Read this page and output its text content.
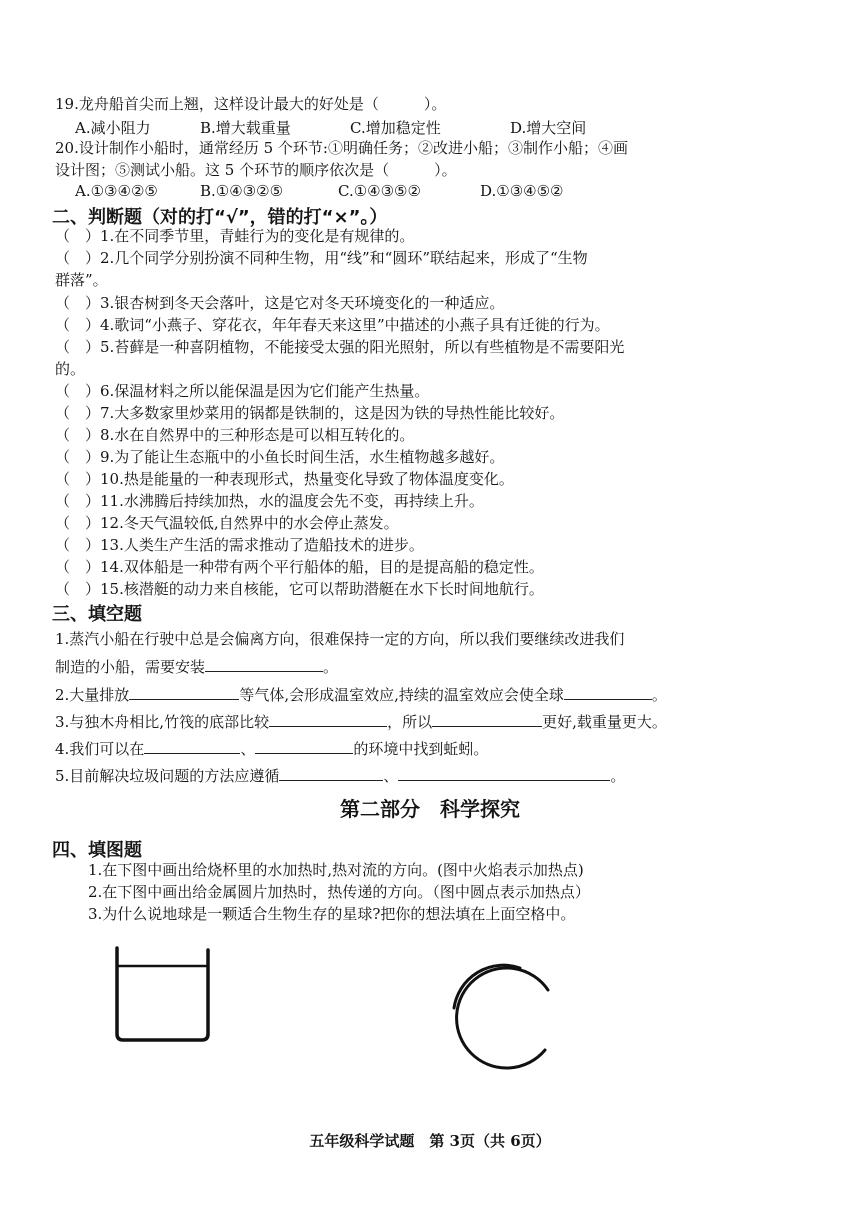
19.龙舟船首尖而上翘，这样设计最大的好处是（　　　）。
A.减小阻力	B.增大载重量	C.增加稳定性	D.增大空间
20.设计制作小船时，通常经历 5 个环节:①明确任务；②改进小船；③制作小船；④画
设计图；⑤测试小船。这 5 个环节的顺序依次是（　　　）。
A.①③④②⑤	B.①④③②⑤	C.①④③⑤②	D.①③④⑤②
二、判断题（对的打“√”，错的打“×”。）
（　）1.在不同季节里，青蛙行为的变化是有规律的。
（　）2.几个同学分别扮演不同种生物，用“线”和“圆环”联结起来，形成了“生物
群落”。
（　）3.银杏树到冬天会落叶，这是它对冬天环境变化的一种适应。
（　）4.歌词“小燕子、穿花衣，年年春天来这里”中描述的小燕子具有迁徙的行为。
（　）5.苔藓是一种喜阴植物，不能接受太强的阳光照射，所以有些植物是不需要阳光
的。
（　）6.保温材料之所以能保温是因为它们能产生热量。
（　）7.大多数家里炒菜用的锅都是铁制的，这是因为铁的导热性能比较好。
（　）8.水在自然界中的三种形态是可以相互转化的。
（　）9.为了能让生态瓶中的小鱼长时间生活，水生植物越多越好。
（　）10.热是能量的一种表现形式，热量变化导致了物体温度变化。
（　）11.水沸腾后持续加热，水的温度会先不变，再持续上升。
（　）12.冬天气温较低,自然界中的水会停止蒸发。
（　）13.人类生产生活的需求推动了造船技术的进步。
（　）14.双体船是一种带有两个平行船体的船，目的是提高船的稳定性。
（　）15.核潜艇的动力来自核能，它可以帮助潜艇在水下长时间地航行。
三、填空题
1.蒸汽小船在行驶中总是会偏离方向，很难保持一定的方向，所以我们要继续改进我们
制造的小船，需要安装	。
2.大量排放	等气体,会形成温室效应,持续的温室效应会使全球	。
3.与独木舟相比,竹筏的底部比较	，所以	更好,载重量更大。
4.我们可以在	、	的环境中找到蚯蚓。
5.目前解决垃圾问题的方法应遵循	、	。
第二部分　科学探究
四、填图题
1.在下图中画出给烧杯里的水加热时,热对流的方向。(图中火焰表示加热点)
2.在下图中画出给金属圆片加热时，热传递的方向。（图中圆点表示加热点）
3.为什么说地球是一颗适合生物生存的星球?把你的想法填在上面空格中。
五年级科学试题　第 3页（共 6页）
